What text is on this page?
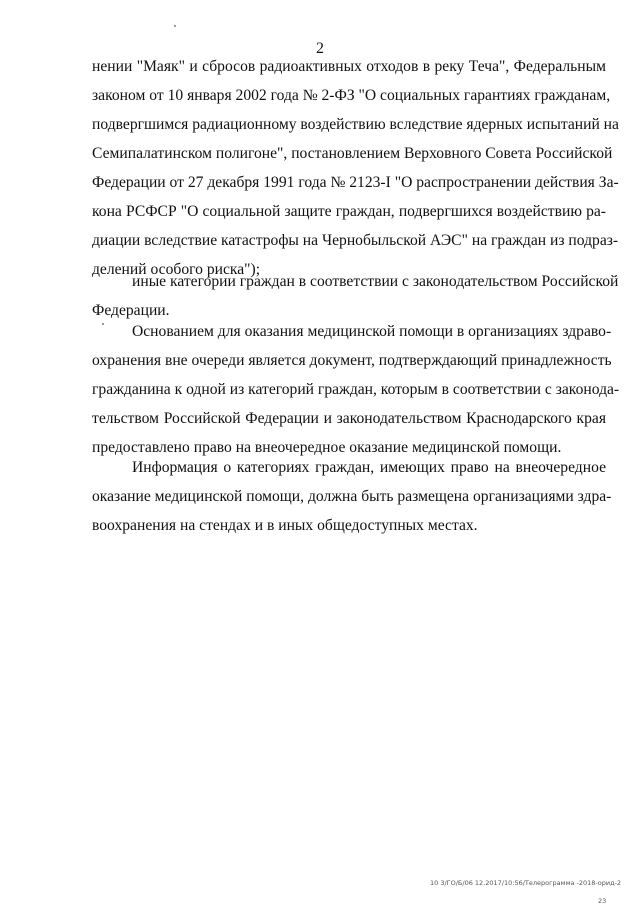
2
нении "Маяк" и сбросов радиоактивных отходов в реку Теча", Федеральным
законом от 10 января 2002 года № 2-ФЗ "О социальных гарантиях гражданам,
подвергшимся радиационному воздействию вследствие ядерных испытаний на
Семипалатинском полигоне", постановлением Верховного Совета Российской
Федерации от 27 декабря 1991 года № 2123-I "О распространении действия За-
кона РСФСР "О социальной защите граждан, подвергшихся воздействию ра-
диации вследствие катастрофы на Чернобыльской АЭС" на граждан из подраз-
делений особого риска");
иные категории граждан в соответствии с законодательством Российской
Федерации.
Основанием для оказания медицинской помощи в организациях здраво-
охранения вне очереди является документ, подтверждающий принадлежность
гражданина к одной из категорий граждан, которым в соответствии с законода-
тельством Российской Федерации и законодательством Краснодарского края
предоставлено право на внеочередное оказание медицинской помощи.
Информация о категориях граждан, имеющих право на внеочередное
оказание медицинской помощи, должна быть размещена организациями здра-
воохранения на стендах и в иных общедоступных местах.
10 3/ГО/Б/06 12.2017/10:56/Телерограмма -2018-орид-2
23
